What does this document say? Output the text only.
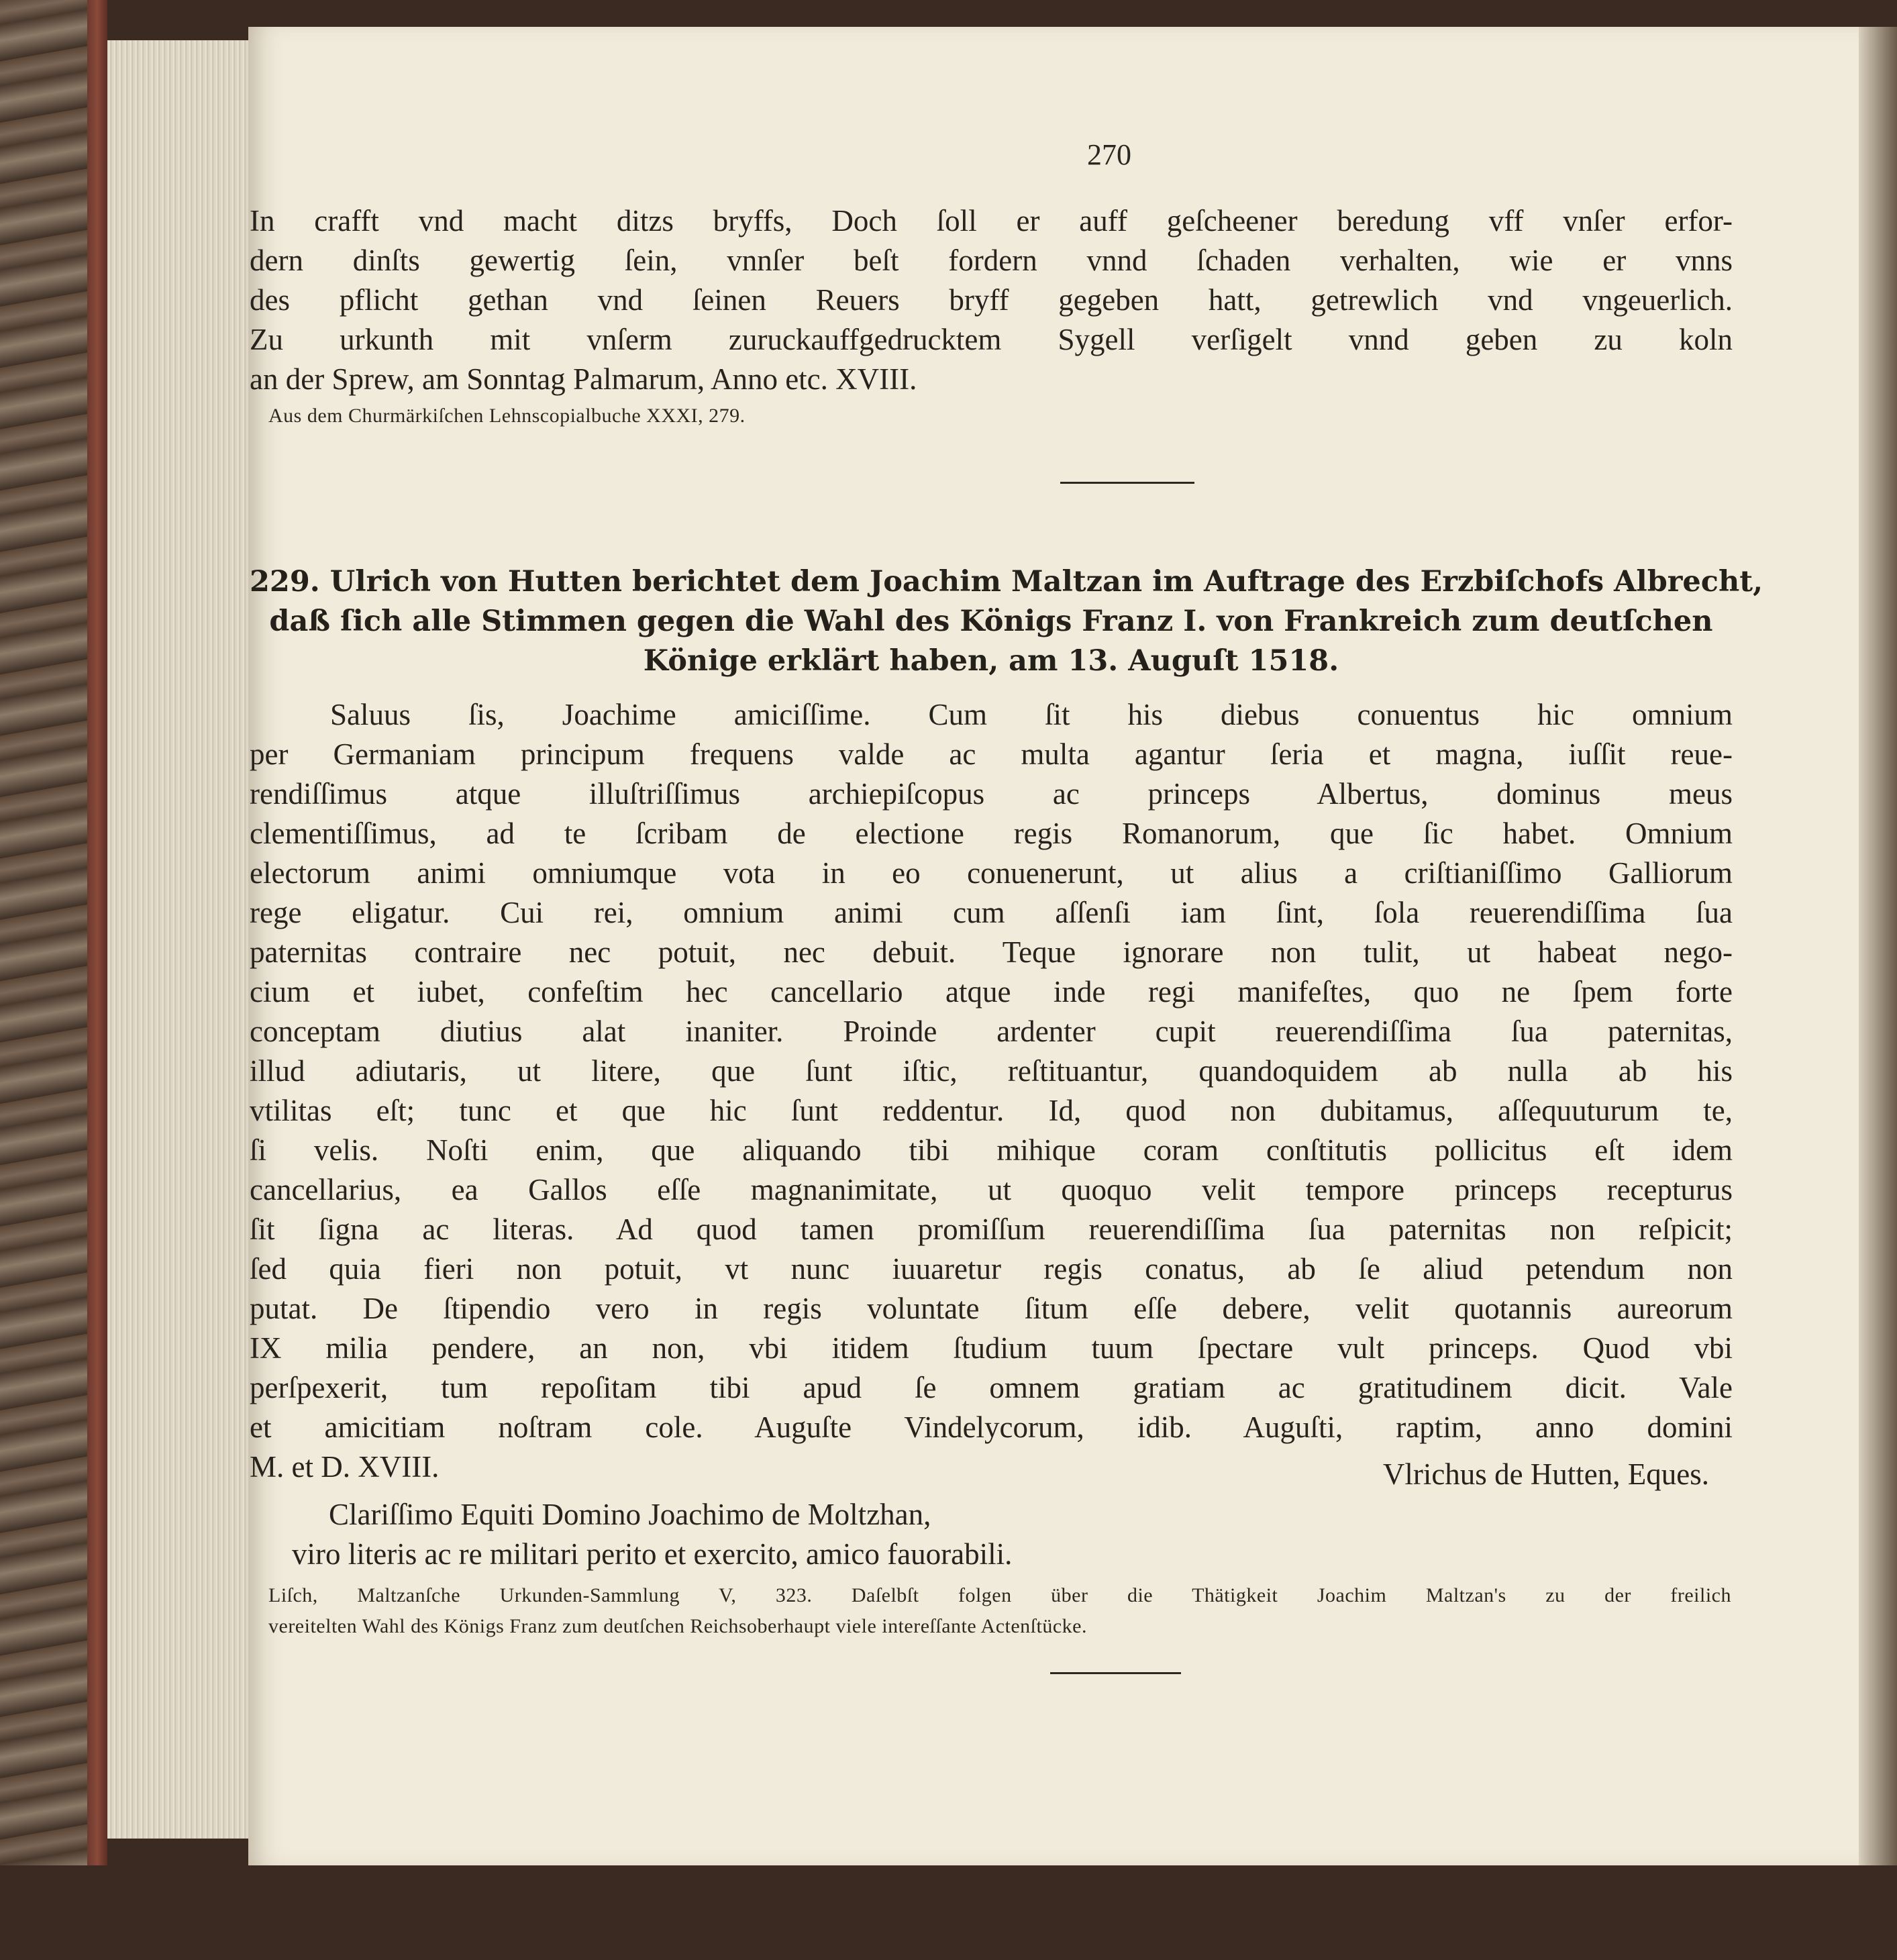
270
In crafft vnd macht ditzs bryffs, Doch ſoll er auff geſcheener beredung vff vnſer erfor-
dern dinſts gewertig ſein, vnnſer beſt fordern vnnd ſchaden verhalten, wie er vnns
des pflicht gethan vnd ſeinen Reuers bryff gegeben hatt, getrewlich vnd vngeuerlich.
Zu urkunth mit vnſerm zuruckauffgedrucktem Sygell verſigelt vnnd geben zu koln
an der Sprew, am Sonntag Palmarum, Anno etc. XVIII.
Aus dem Churmärkiſchen Lehnscopialbuche XXXI, 279.
229. Ulrich von Hutten berichtet dem Joachim Maltzan im Auftrage des Erzbiſchofs Albrecht,
daß ſich alle Stimmen gegen die Wahl des Königs Franz I. von Frankreich zum deutſchen
Könige erklärt haben, am 13. Auguſt 1518.
Saluus ſis, Joachime amiciſſime. Cum ſit his diebus conuentus hic omnium
per Germaniam principum frequens valde ac multa agantur ſeria et magna, iuſſit reue-
rendiſſimus atque illuſtriſſimus archiepiſcopus ac princeps Albertus, dominus meus
clementiſſimus, ad te ſcribam de electione regis Romanorum, que ſic habet. Omnium
electorum animi omniumque vota in eo conuenerunt, ut alius a criſtianiſſimo Galliorum
rege eligatur. Cui rei, omnium animi cum aſſenſi iam ſint, ſola reuerendiſſima ſua
paternitas contraire nec potuit, nec debuit. Teque ignorare non tulit, ut habeat nego-
cium et iubet, confeſtim hec cancellario atque inde regi manifeſtes, quo ne ſpem forte
conceptam diutius alat inaniter. Proinde ardenter cupit reuerendiſſima ſua paternitas,
illud adiutaris, ut litere, que ſunt iſtic, reſtituantur, quandoquidem ab nulla ab his
vtilitas eſt; tunc et que hic ſunt reddentur. Id, quod non dubitamus, aſſequuturum te,
ſi velis. Noſti enim, que aliquando tibi mihique coram conſtitutis pollicitus eſt idem
cancellarius, ea Gallos eſſe magnanimitate, ut quoquo velit tempore princeps recepturus
ſit ſigna ac literas. Ad quod tamen promiſſum reuerendiſſima ſua paternitas non reſpicit;
ſed quia fieri non potuit, vt nunc iuuaretur regis conatus, ab ſe aliud petendum non
putat. De ſtipendio vero in regis voluntate ſitum eſſe debere, velit quotannis aureorum
IX milia pendere, an non, vbi itidem ſtudium tuum ſpectare vult princeps. Quod vbi
perſpexerit, tum repoſitam tibi apud ſe omnem gratiam ac gratitudinem dicit. Vale
et amicitiam noſtram cole. Auguſte Vindelycorum, idib. Auguſti, raptim, anno domini
M. et D. XVIII.	Vlrichus de Hutten, Eques.
Clariſſimo Equiti Domino Joachimo de Moltzhan,
viro literis ac re militari perito et exercito, amico fauorabili.
Liſch, Maltzanſche Urkunden-Sammlung V, 323. Daſelbſt folgen über die Thätigkeit Joachim Maltzan's zu der freilich
vereitelten Wahl des Königs Franz zum deutſchen Reichsoberhaupt viele intereſſante Actenſtücke.
